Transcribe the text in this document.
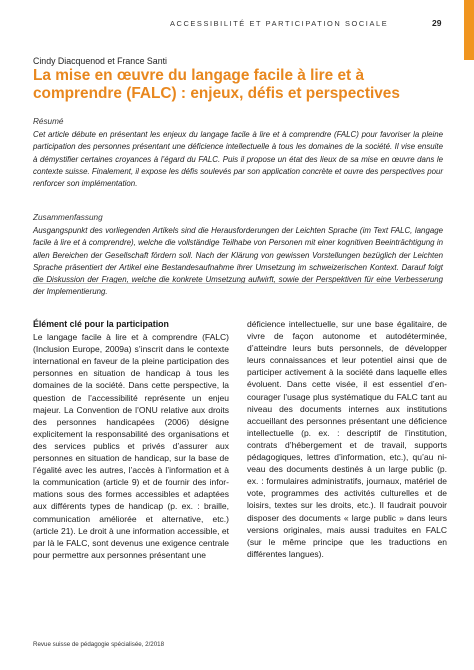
ACCESSIBILITÉ ET PARTICIPATION SOCIALE	29
Cindy Diacquenod et France Santi
La mise en œuvre du langage facile à lire et à comprendre (FALC) : enjeux, défis et perspectives
Résumé
Cet article débute en présentant les enjeux du langage facile à lire et à comprendre (FALC) pour favoriser la pleine participation des personnes présentant une déficience intellectuelle à tous les domaines de la société. Il vise ensuite à démystifier certaines croyances à l’égard du FALC. Puis il propose un état des lieux de sa mise en œuvre dans le contexte suisse. Finalement, il expose les défis soulevés par son application concrète et ouvre des perspectives pour renforcer son implémentation.
Zusammenfassung
Ausgangspunkt des vorliegenden Artikels sind die Herausforderungen der Leichten Sprache (im Text FALC, langage facile à lire et à comprendre), welche die vollständige Teilhabe von Personen mit einer kognitiven Beeinträchtigung in allen Bereichen der Gesellschaft fördern soll. Nach der Klärung von gewissen Vorstellungen bezüglich der Leichten Sprache präsentiert der Artikel eine Bestandesaufnahme ihrer Umsetzung im schweizerischen Kontext. Darauf folgt die Diskussion der Fragen, welche die konkrete Umsetzung aufwirft, sowie der Perspektiven für eine Verbesserung der Implementierung.
Élément clé pour la participation
Le langage facile à lire et à comprendre (FALC) (Inclusion Europe, 2009a) s’inscrit dans le contexte international en faveur de la pleine participation des personnes en situation de handicap à tous les domaines de la société. Dans cette perspective, la question de l’accessibilité représente un enjeu majeur. La Convention de l’ONU relative aux droits des personnes handicapées (2006) désigne explicitement la responsabilité des organisations et des services publics et privés d’assurer aux personnes en situation de handicap, sur la base de l’égalité avec les autres, l’accès à l’information et à la communication (article 9) et de fournir des informations sous des formes accessibles et adaptées aux différents types de handicap (p. ex. : braille, communication améliorée et alternative, etc.) (article 21). Le droit à une information accessible, et par là le FALC, sont devenus une exigence centrale pour permettre aux personnes présentant une
déficience intellectuelle, sur une base égalitaire, de vivre de façon autonome et autodéterminée, d’atteindre leurs buts personnels, de développer leurs connaissances et leur potentiel ainsi que de participer activement à la société dans laquelle elles évoluent. Dans cette visée, il est essentiel d’encourager l’usage plus systématique du FALC tant au niveau des documents internes aux institutions accueillant des personnes présentant une déficience intellectuelle (p. ex. : descriptif de l’institution, contrats d’hébergement et de travail, supports pédagogiques, lettres d’information, etc.), qu’au niveau des documents destinés à un large public (p. ex. : formulaires administratifs, journaux, matériel de vote, programmes des activités culturelles et de loisirs, textes sur les droits, etc.). Il faudrait pouvoir disposer des documents « large public » dans leurs versions originales, mais aussi traduites en FALC (sur le même principe que les traductions en différentes langues).
Revue suisse de pédagogie spécialisée, 2/2018
